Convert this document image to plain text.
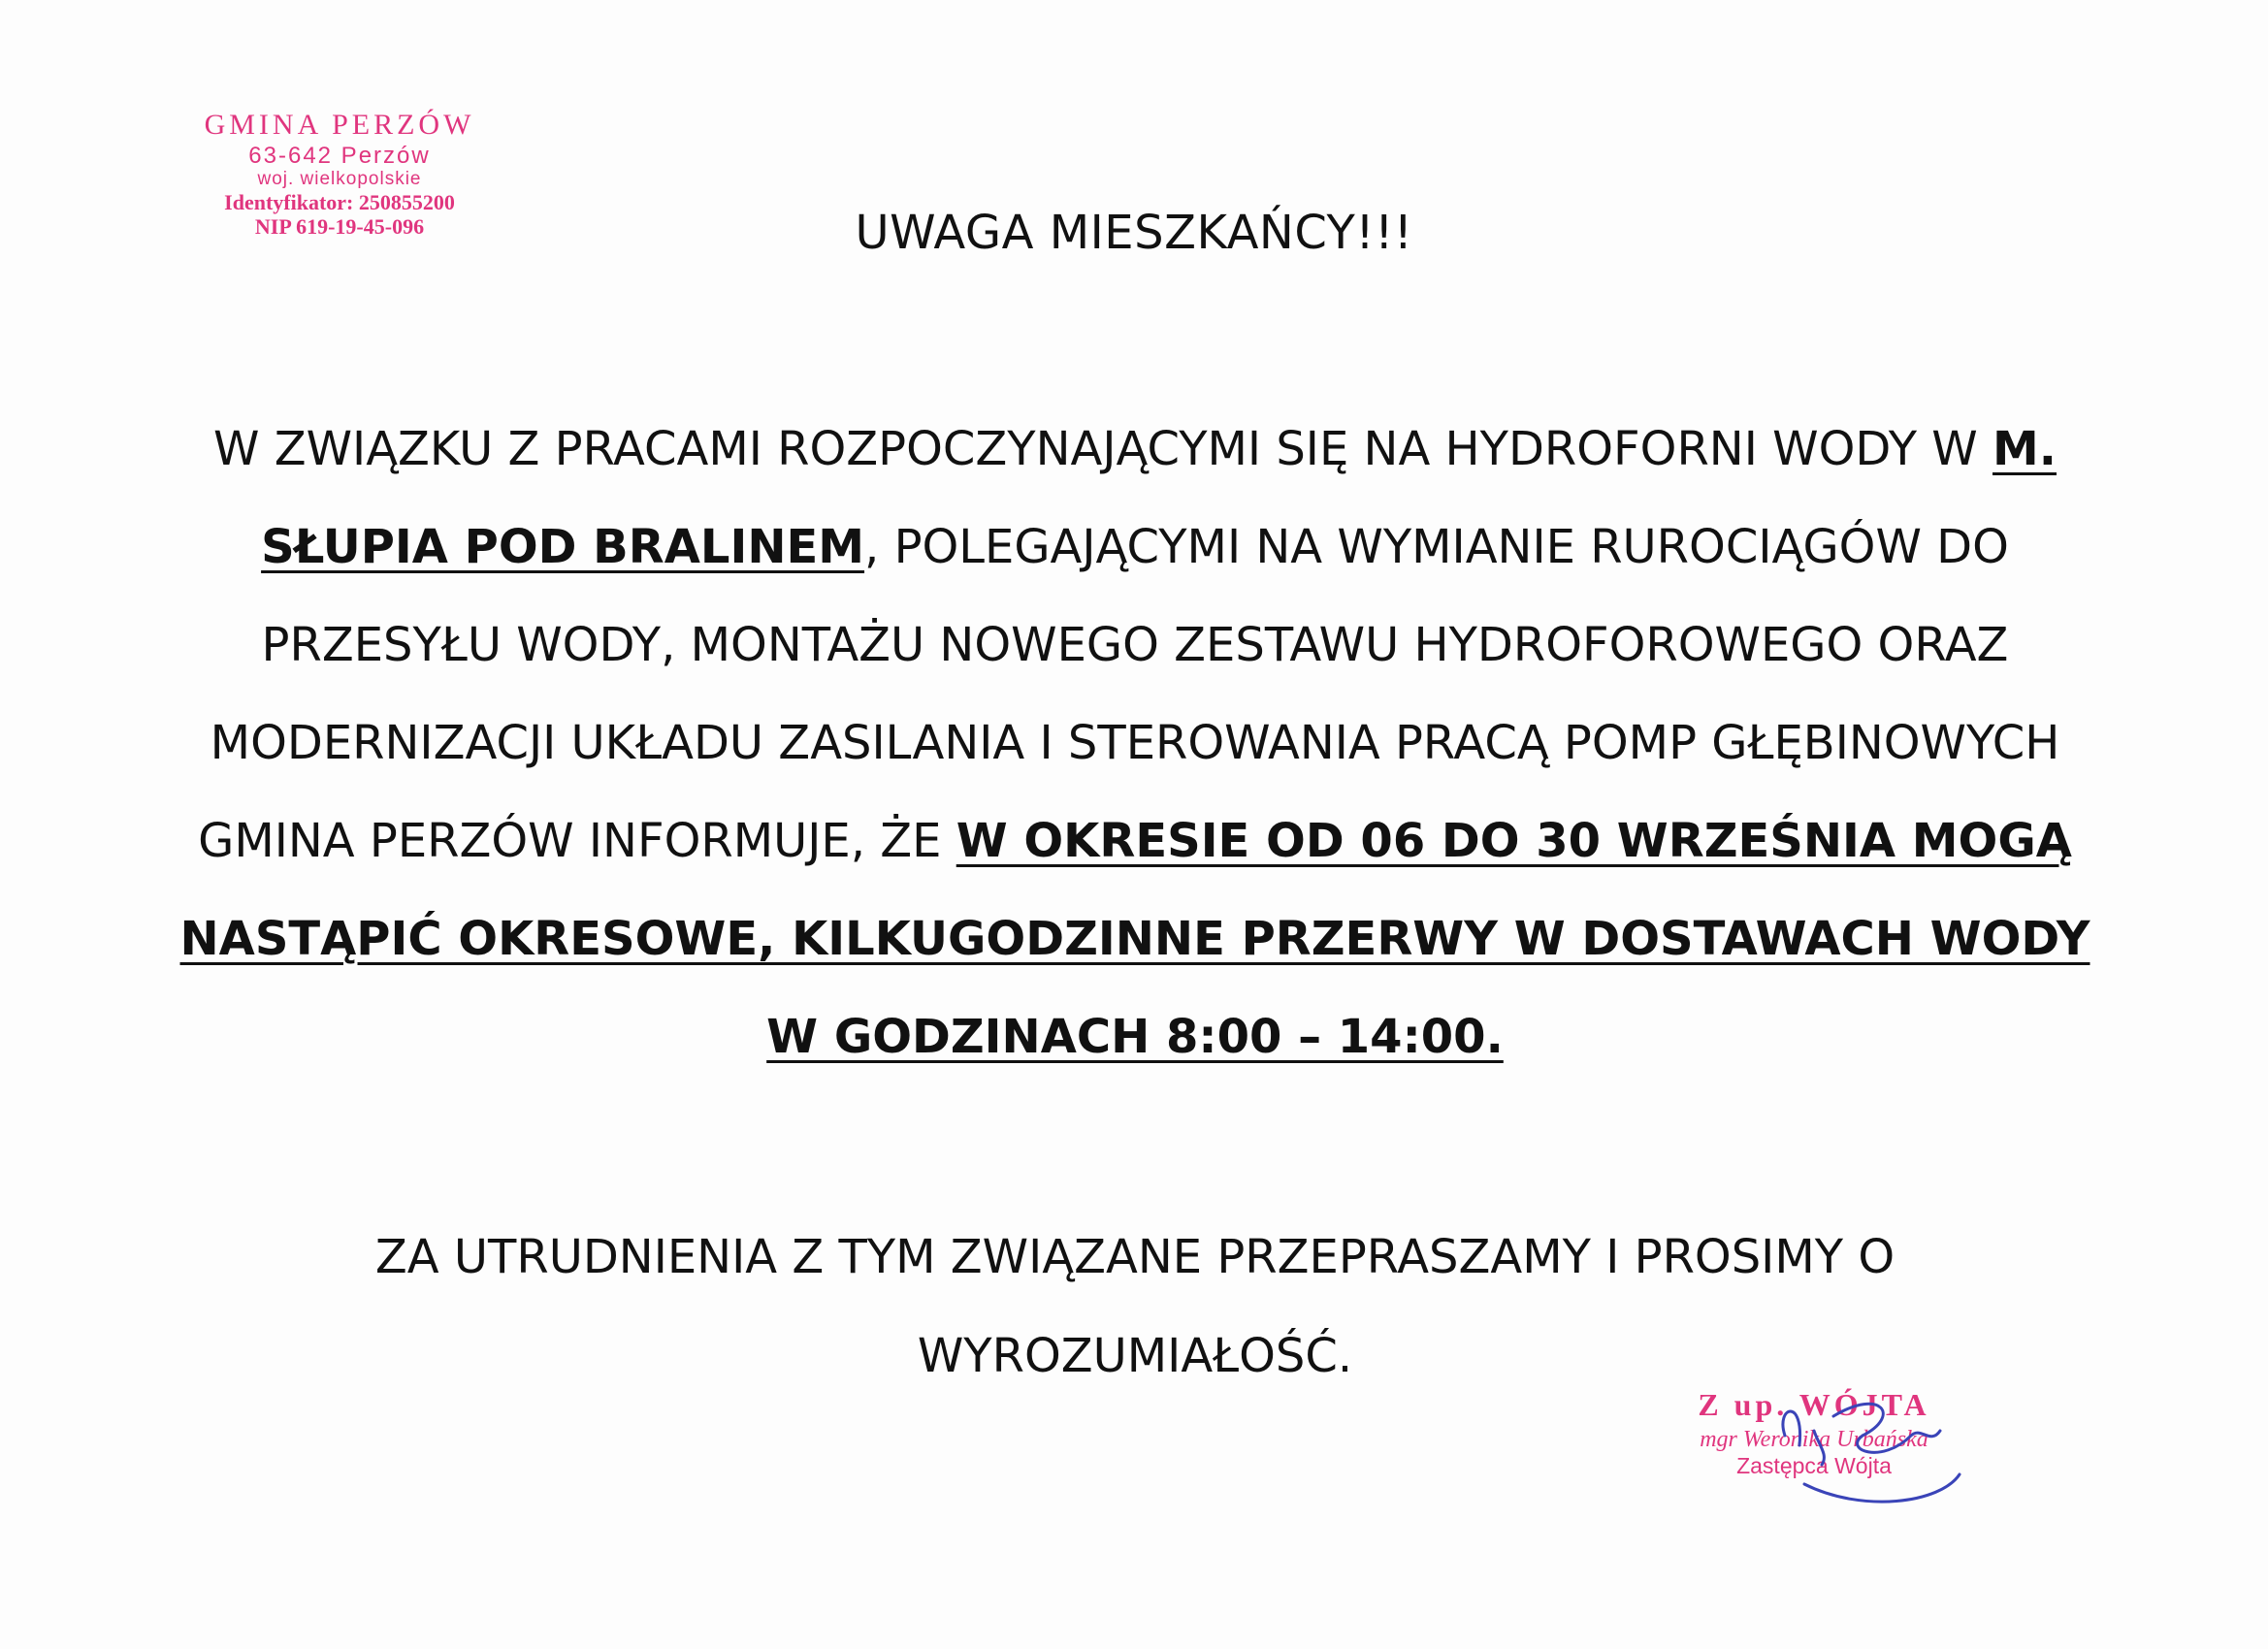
GMINA PERZÓW
63-642 Perzów
woj. wielkopolskie
Identyfikator: 250855200
NIP 619-19-45-096	UWAGA MIESZKAŃCY!!!
W ZWIĄZKU Z PRACAMI ROZPOCZYNAJĄCYMI SIĘ NA HYDROFORNI WODY W M. SŁUPIA POD BRALINEM, POLEGAJĄCYMI NA WYMIANIE RUROCIĄGÓW DO PRZESYŁU WODY, MONTAŻU NOWEGO ZESTAWU HYDROFOROWEGO ORAZ MODERNIZACJI UKŁADU ZASILANIA I STEROWANIA PRACĄ POMP GŁĘBINOWYCH GMINA PERZÓW INFORMUJE, ŻE W OKRESIE OD 06 DO 30 WRZEŚNIA MOGĄ NASTĄPIĆ OKRESOWE, KILKUGODZINNE PRZERWY W DOSTAWACH WODY W GODZINACH 8:00 – 14:00.
ZA UTRUDNIENIA Z TYM ZWIĄZANE PRZEPRASZAMY I PROSIMY O WYROZUMIAŁOŚĆ.
Z up. WÓJTA
mgr Weronika Urbańska
Zastępca Wójta
